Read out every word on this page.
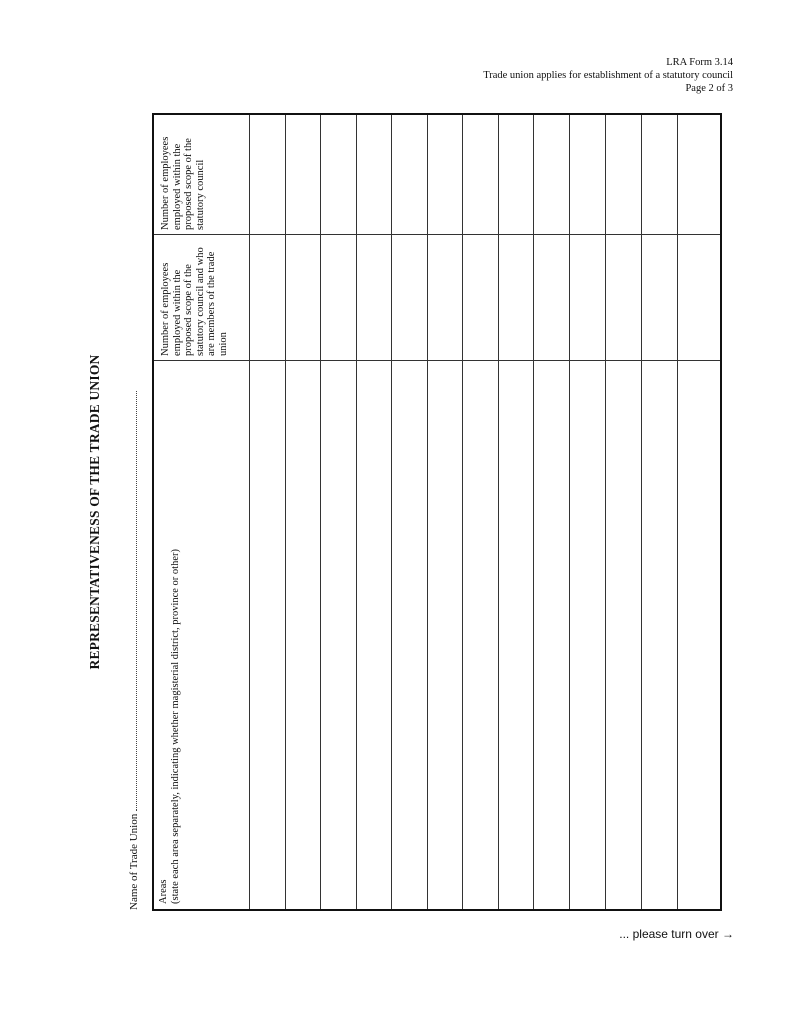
LRA Form 3.14
Trade union applies for establishment of a statutory council
Page 2 of 3
REPRESENTATIVENESS OF THE TRADE UNION
Name of Trade Union Areas (state each area separately, indicating whether magisterial district, province or other)
Number of employees employed within the proposed scope of the statutory council and who are members of the trade union
Number of employees employed within the proposed scope of the statutory council
... please turn over →
